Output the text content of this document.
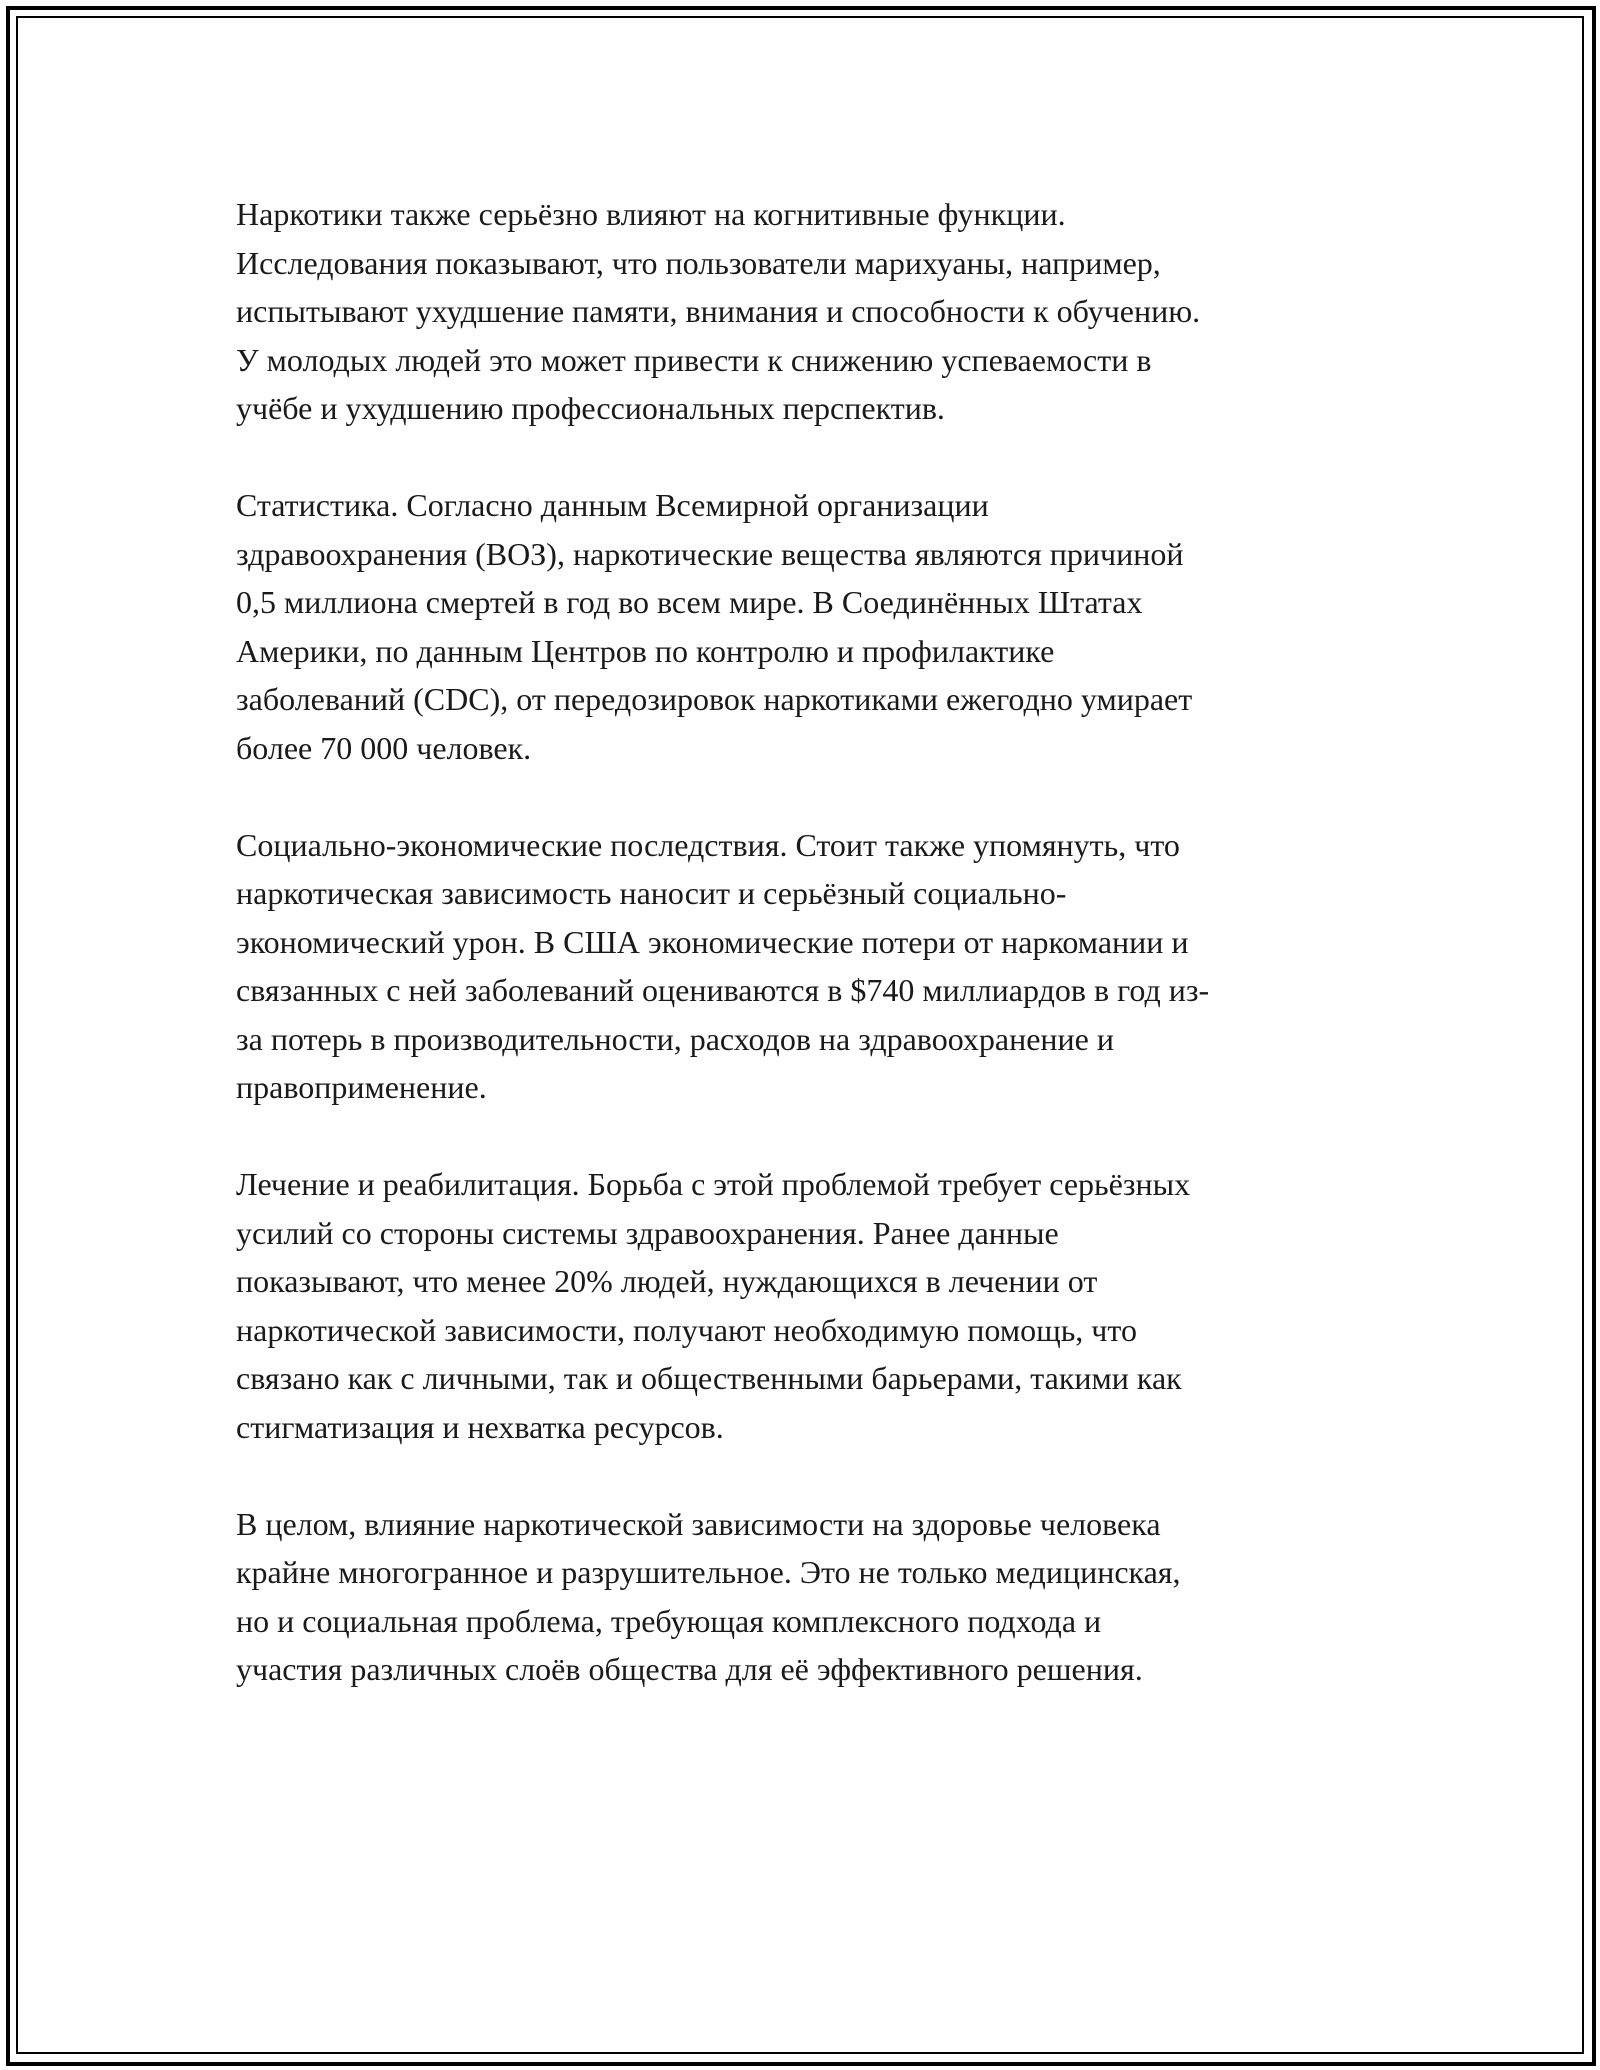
Наркотики также серьёзно влияют на когнитивные функции.
Исследования показывают, что пользователи марихуаны, например,
испытывают ухудшение памяти, внимания и способности к обучению.
У молодых людей это может привести к снижению успеваемости в
учёбе и ухудшению профессиональных перспектив.
Статистика. Согласно данным Всемирной организации
здравоохранения (ВОЗ), наркотические вещества являются причиной
0,5 миллиона смертей в год во всем мире. В Соединённых Штатах
Америки, по данным Центров по контролю и профилактике
заболеваний (CDC), от передозировок наркотиками ежегодно умирает
более 70 000 человек.
Социально-экономические последствия. Стоит также упомянуть, что
наркотическая зависимость наносит и серьёзный социально-
экономический урон. В США экономические потери от наркомании и
связанных с ней заболеваний оцениваются в $740 миллиардов в год из-
за потерь в производительности, расходов на здравоохранение и
правоприменение.
Лечение и реабилитация. Борьба с этой проблемой требует серьёзных
усилий со стороны системы здравоохранения. Ранее данные
показывают, что менее 20% людей, нуждающихся в лечении от
наркотической зависимости, получают необходимую помощь, что
связано как с личными, так и общественными барьерами, такими как
стигматизация и нехватка ресурсов.
В целом, влияние наркотической зависимости на здоровье человека
крайне многогранное и разрушительное. Это не только медицинская,
но и социальная проблема, требующая комплексного подхода и
участия различных слоёв общества для её эффективного решения.
